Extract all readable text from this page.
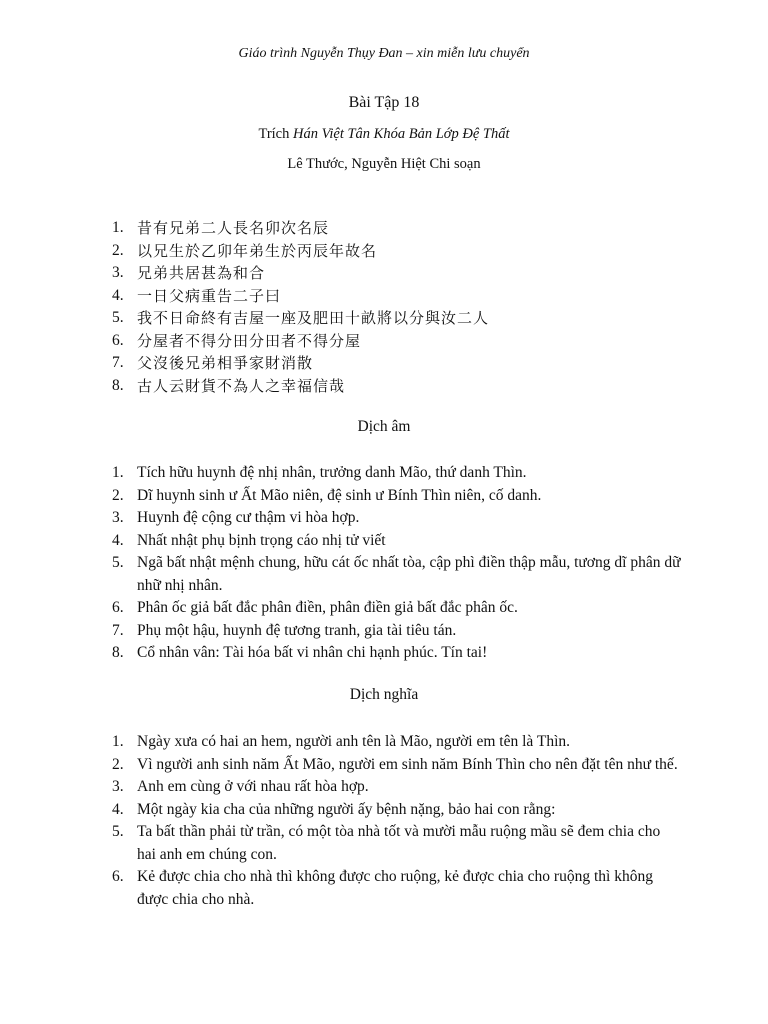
Giáo trình Nguyễn Thụy Đan – xin miễn lưu chuyển
Bài Tập 18
Trích Hán Việt Tân Khóa Bản Lớp Đệ Thất
Lê Thước, Nguyễn Hiệt Chi soạn
1. 昔有兄弟二人長名卯次名辰
2. 以兄生於乙卯年弟生於丙辰年故名
3. 兄弟共居甚為和合
4. 一日父病重告二子曰
5. 我不日命終有吉屋一座及肥田十畝將以分與汝二人
6. 分屋者不得分田分田者不得分屋
7. 父沒後兄弟相爭家財消散
8. 古人云財貨不為人之幸福信哉
Dịch âm
1. Tích hữu huynh đệ nhị nhân, trưởng danh Mão, thứ danh Thìn.
2. Dĩ huynh sinh ư Ất Mão niên, đệ sinh ư Bính Thìn niên, cố danh.
3. Huynh đệ cộng cư thậm vi hòa hợp.
4. Nhất nhật phụ bịnh trọng cáo nhị tử viết
5. Ngã bất nhật mệnh chung, hữu cát ốc nhất tòa, cập phì điền thập mẫu, tương dĩ phân dữ nhữ nhị nhân.
6. Phân ốc giả bất đắc phân điền, phân điền giả bất đắc phân ốc.
7. Phụ một hậu, huynh đệ tương tranh, gia tài tiêu tán.
8. Cổ nhân vân: Tài hóa bất vi nhân chi hạnh phúc. Tín tai!
Dịch nghĩa
1. Ngày xưa có hai an hem, người anh tên là Mão, người em tên là Thìn.
2. Vì người anh sinh năm Ất Mão, người em sinh năm Bính Thìn cho nên đặt tên như thế.
3. Anh em cùng ở với nhau rất hòa hợp.
4. Một ngày kia cha của những người ấy bệnh nặng, bảo hai con rằng:
5. Ta bất thần phải từ trần, có một tòa nhà tốt và mười mẫu ruộng mầu sẽ đem chia cho hai anh em chúng con.
6. Kẻ được chia cho nhà thì không được cho ruộng, kẻ được chia cho ruộng thì không được chia cho nhà.
